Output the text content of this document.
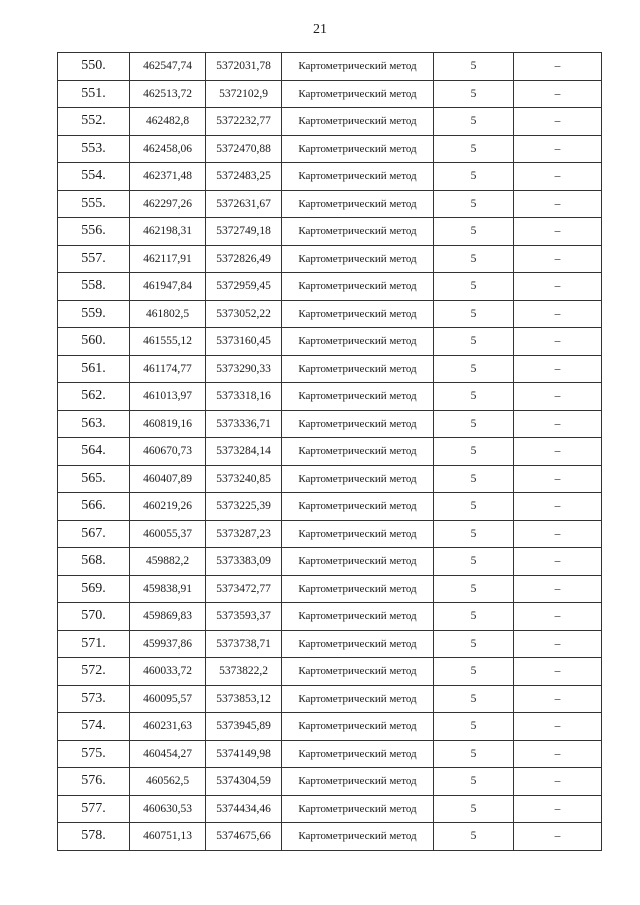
21
550.	462547,74	5372031,78	Картометрический метод	5	–
551.	462513,72	5372102,9	Картометрический метод	5	–
552.	462482,8	5372232,77	Картометрический метод	5	–
553.	462458,06	5372470,88	Картометрический метод	5	–
554.	462371,48	5372483,25	Картометрический метод	5	–
555.	462297,26	5372631,67	Картометрический метод	5	–
556.	462198,31	5372749,18	Картометрический метод	5	–
557.	462117,91	5372826,49	Картометрический метод	5	–
558.	461947,84	5372959,45	Картометрический метод	5	–
559.	461802,5	5373052,22	Картометрический метод	5	–
560.	461555,12	5373160,45	Картометрический метод	5	–
561.	461174,77	5373290,33	Картометрический метод	5	–
562.	461013,97	5373318,16	Картометрический метод	5	–
563.	460819,16	5373336,71	Картометрический метод	5	–
564.	460670,73	5373284,14	Картометрический метод	5	–
565.	460407,89	5373240,85	Картометрический метод	5	–
566.	460219,26	5373225,39	Картометрический метод	5	–
567.	460055,37	5373287,23	Картометрический метод	5	–
568.	459882,2	5373383,09	Картометрический метод	5	–
569.	459838,91	5373472,77	Картометрический метод	5	–
570.	459869,83	5373593,37	Картометрический метод	5	–
571.	459937,86	5373738,71	Картометрический метод	5	–
572.	460033,72	5373822,2	Картометрический метод	5	–
573.	460095,57	5373853,12	Картометрический метод	5	–
574.	460231,63	5373945,89	Картометрический метод	5	–
575.	460454,27	5374149,98	Картометрический метод	5	–
576.	460562,5	5374304,59	Картометрический метод	5	–
577.	460630,53	5374434,46	Картометрический метод	5	–
578.	460751,13	5374675,66	Картометрический метод	5	–
